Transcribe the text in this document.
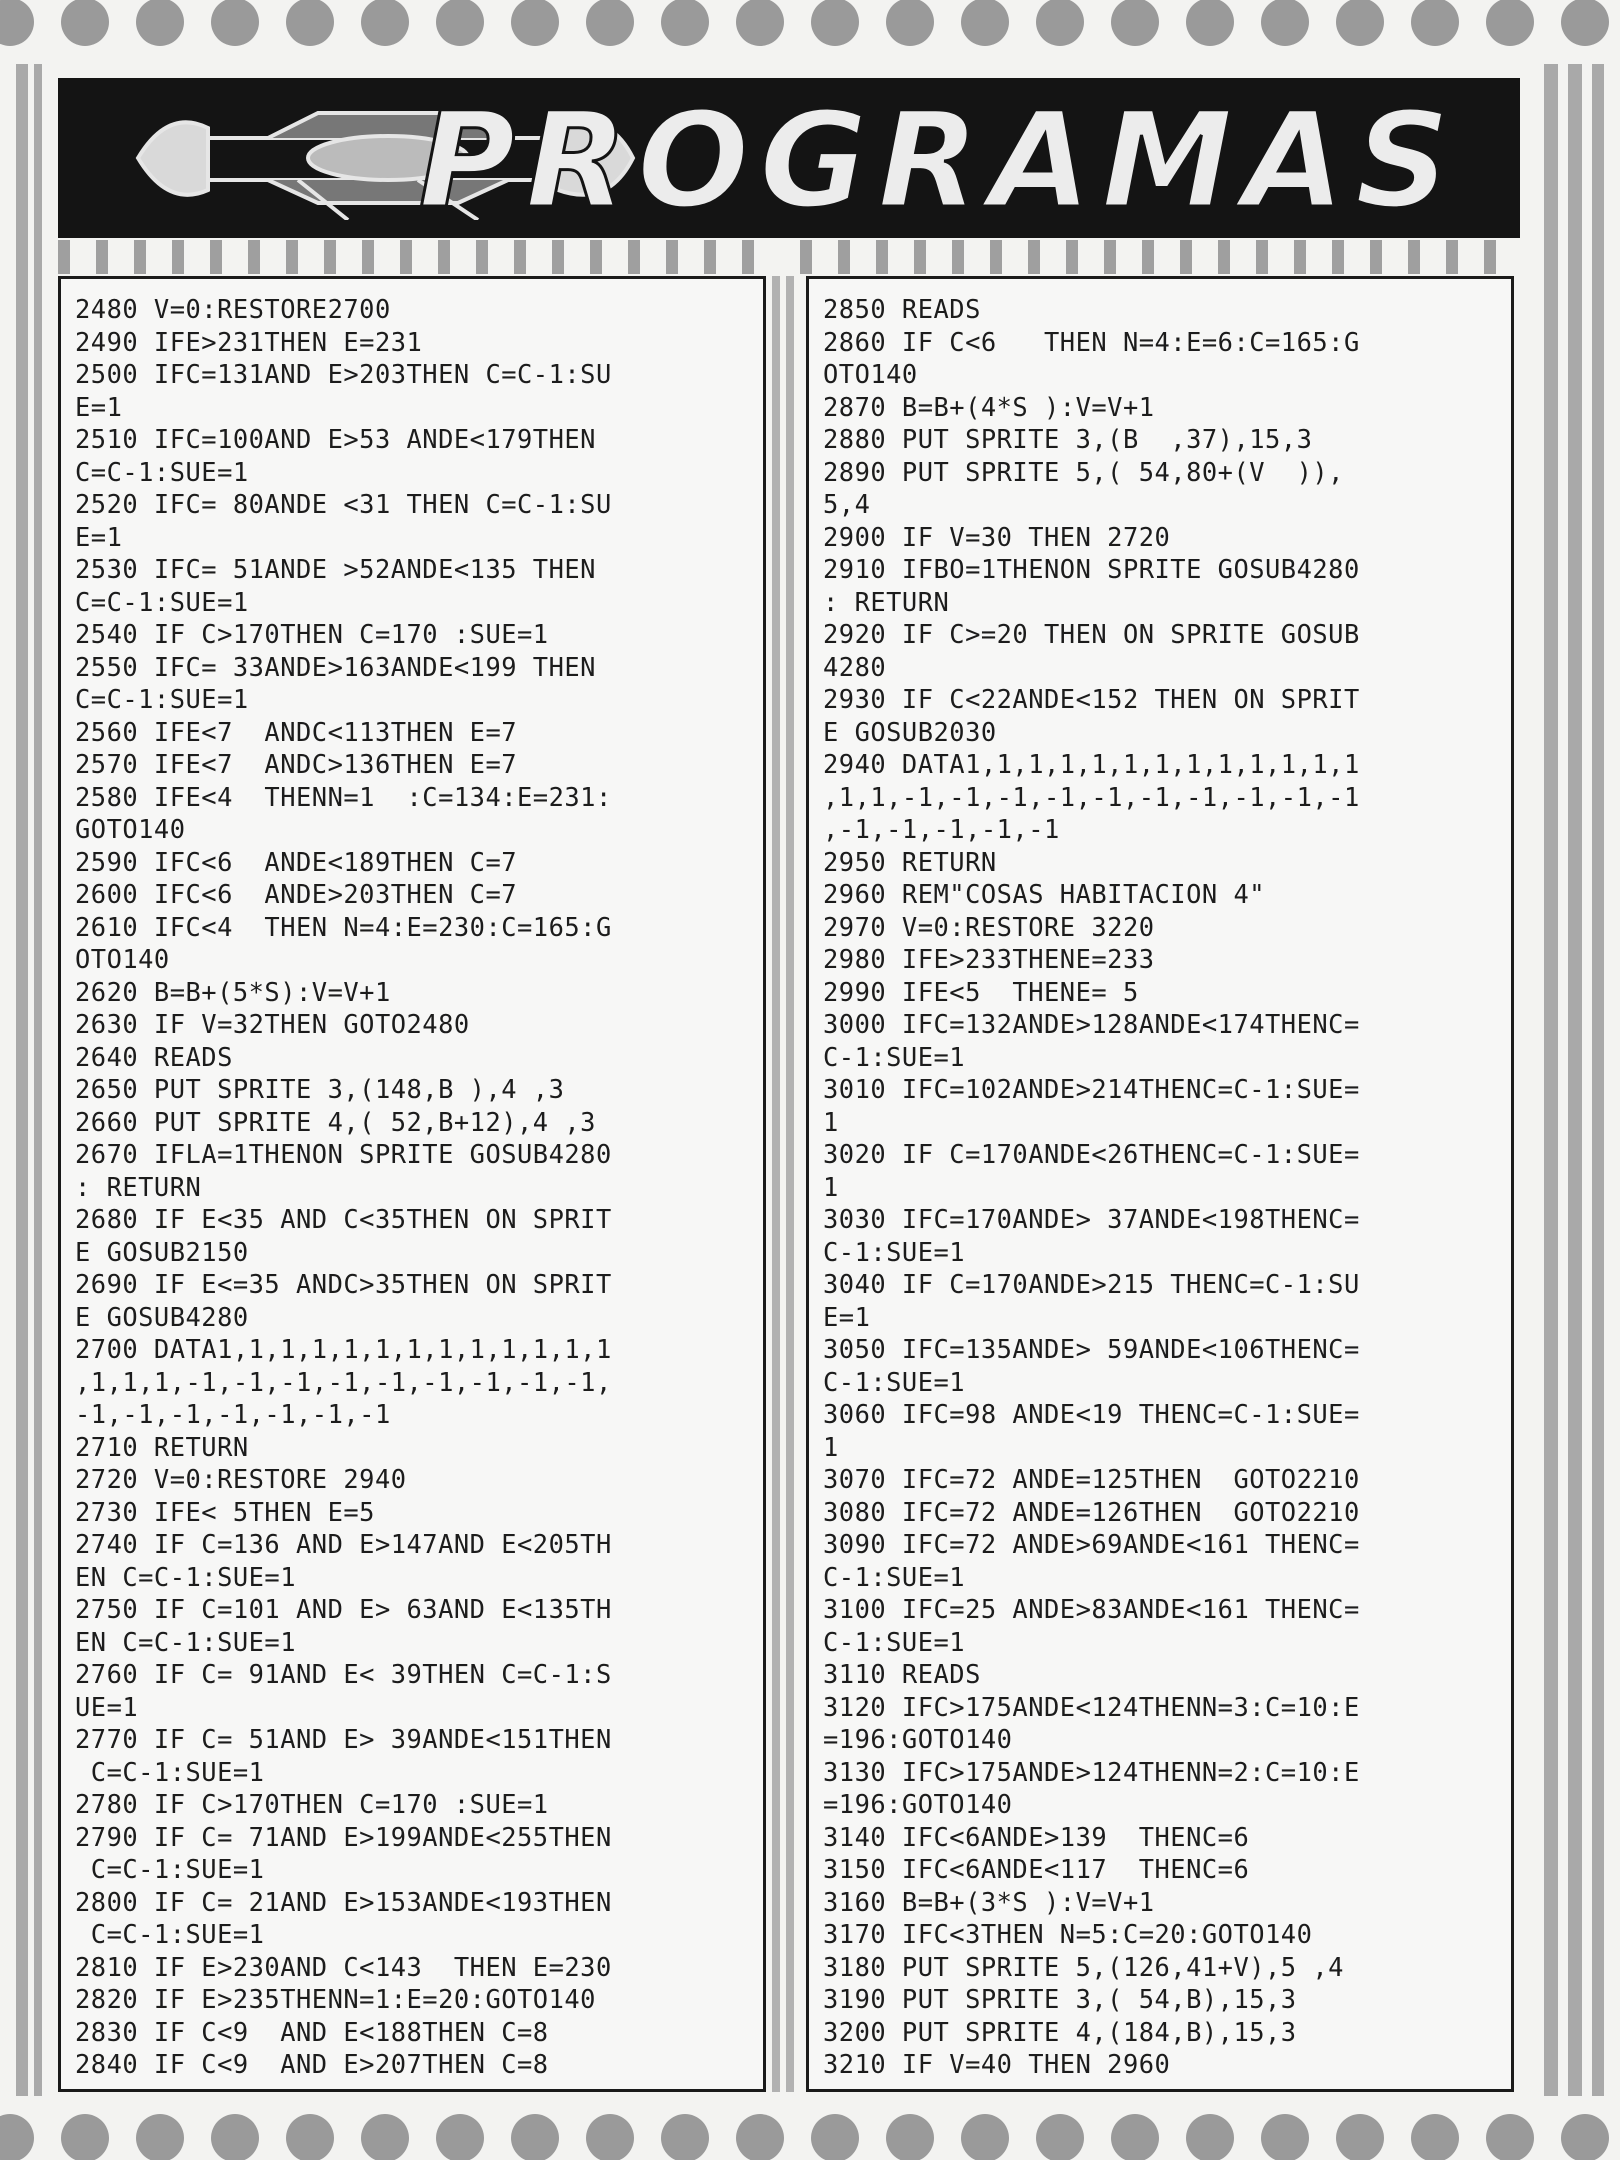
PROGRAMAS
2480 V=0:RESTORE2700
2490 IFE>231THEN E=231
2500 IFC=131AND E>203THEN C=C-1:SU
E=1
2510 IFC=100AND E>53 ANDE<179THEN
C=C-1:SUE=1
2520 IFC= 80ANDE <31 THEN C=C-1:SU
E=1
2530 IFC= 51ANDE >52ANDE<135 THEN
C=C-1:SUE=1
2540 IF C>170THEN C=170 :SUE=1
2550 IFC= 33ANDE>163ANDE<199 THEN
C=C-1:SUE=1
2560 IFE<7  ANDC<113THEN E=7
2570 IFE<7  ANDC>136THEN E=7
2580 IFE<4  THENN=1  :C=134:E=231:
GOTO140
2590 IFC<6  ANDE<189THEN C=7
2600 IFC<6  ANDE>203THEN C=7
2610 IFC<4  THEN N=4:E=230:C=165:G
OTO140
2620 B=B+(5*S):V=V+1
2630 IF V=32THEN GOTO2480
2640 READS
2650 PUT SPRITE 3,(148,B ),4 ,3
2660 PUT SPRITE 4,( 52,B+12),4 ,3
2670 IFLA=1THENON SPRITE GOSUB4280
: RETURN
2680 IF E<35 AND C<35THEN ON SPRIT
E GOSUB2150
2690 IF E<=35 ANDC>35THEN ON SPRIT
E GOSUB4280
2700 DATA1,1,1,1,1,1,1,1,1,1,1,1,1
,1,1,1,-1,-1,-1,-1,-1,-1,-1,-1,-1,
-1,-1,-1,-1,-1,-1,-1
2710 RETURN
2720 V=0:RESTORE 2940
2730 IFE< 5THEN E=5
2740 IF C=136 AND E>147AND E<205TH
EN C=C-1:SUE=1
2750 IF C=101 AND E> 63AND E<135TH
EN C=C-1:SUE=1
2760 IF C= 91AND E< 39THEN C=C-1:S
UE=1
2770 IF C= 51AND E> 39ANDE<151THEN
C=C-1:SUE=1
2780 IF C>170THEN C=170 :SUE=1
2790 IF C= 71AND E>199ANDE<255THEN
C=C-1:SUE=1
2800 IF C= 21AND E>153ANDE<193THEN
C=C-1:SUE=1
2810 IF E>230AND C<143  THEN E=230
2820 IF E>235THENN=1:E=20:GOTO140
2830 IF C<9  AND E<188THEN C=8
2840 IF C<9  AND E>207THEN C=8
2850 READS
2860 IF C<6   THEN N=4:E=6:C=165:G
OTO140
2870 B=B+(4*S ):V=V+1
2880 PUT SPRITE 3,(B  ,37),15,3
2890 PUT SPRITE 5,( 54,80+(V  )),
5,4
2900 IF V=30 THEN 2720
2910 IFBO=1THENON SPRITE GOSUB4280
: RETURN
2920 IF C>=20 THEN ON SPRITE GOSUB
4280
2930 IF C<22ANDE<152 THEN ON SPRIT
E GOSUB2030
2940 DATA1,1,1,1,1,1,1,1,1,1,1,1,1
,1,1,-1,-1,-1,-1,-1,-1,-1,-1,-1,-1
,-1,-1,-1,-1,-1
2950 RETURN
2960 REM"COSAS HABITACION 4"
2970 V=0:RESTORE 3220
2980 IFE>233THENE=233
2990 IFE<5  THENE= 5
3000 IFC=132ANDE>128ANDE<174THENC=
C-1:SUE=1
3010 IFC=102ANDE>214THENC=C-1:SUE=
1
3020 IF C=170ANDE<26THENC=C-1:SUE=
1
3030 IFC=170ANDE> 37ANDE<198THENC=
C-1:SUE=1
3040 IF C=170ANDE>215 THENC=C-1:SU
E=1
3050 IFC=135ANDE> 59ANDE<106THENC=
C-1:SUE=1
3060 IFC=98 ANDE<19 THENC=C-1:SUE=
1
3070 IFC=72 ANDE=125THEN  GOTO2210
3080 IFC=72 ANDE=126THEN  GOTO2210
3090 IFC=72 ANDE>69ANDE<161 THENC=
C-1:SUE=1
3100 IFC=25 ANDE>83ANDE<161 THENC=
C-1:SUE=1
3110 READS
3120 IFC>175ANDE<124THENN=3:C=10:E
=196:GOTO140
3130 IFC>175ANDE>124THENN=2:C=10:E
=196:GOTO140
3140 IFC<6ANDE>139  THENC=6
3150 IFC<6ANDE<117  THENC=6
3160 B=B+(3*S ):V=V+1
3170 IFC<3THEN N=5:C=20:GOTO140
3180 PUT SPRITE 5,(126,41+V),5 ,4
3190 PUT SPRITE 3,( 54,B),15,3
3200 PUT SPRITE 4,(184,B),15,3
3210 IF V=40 THEN 2960
